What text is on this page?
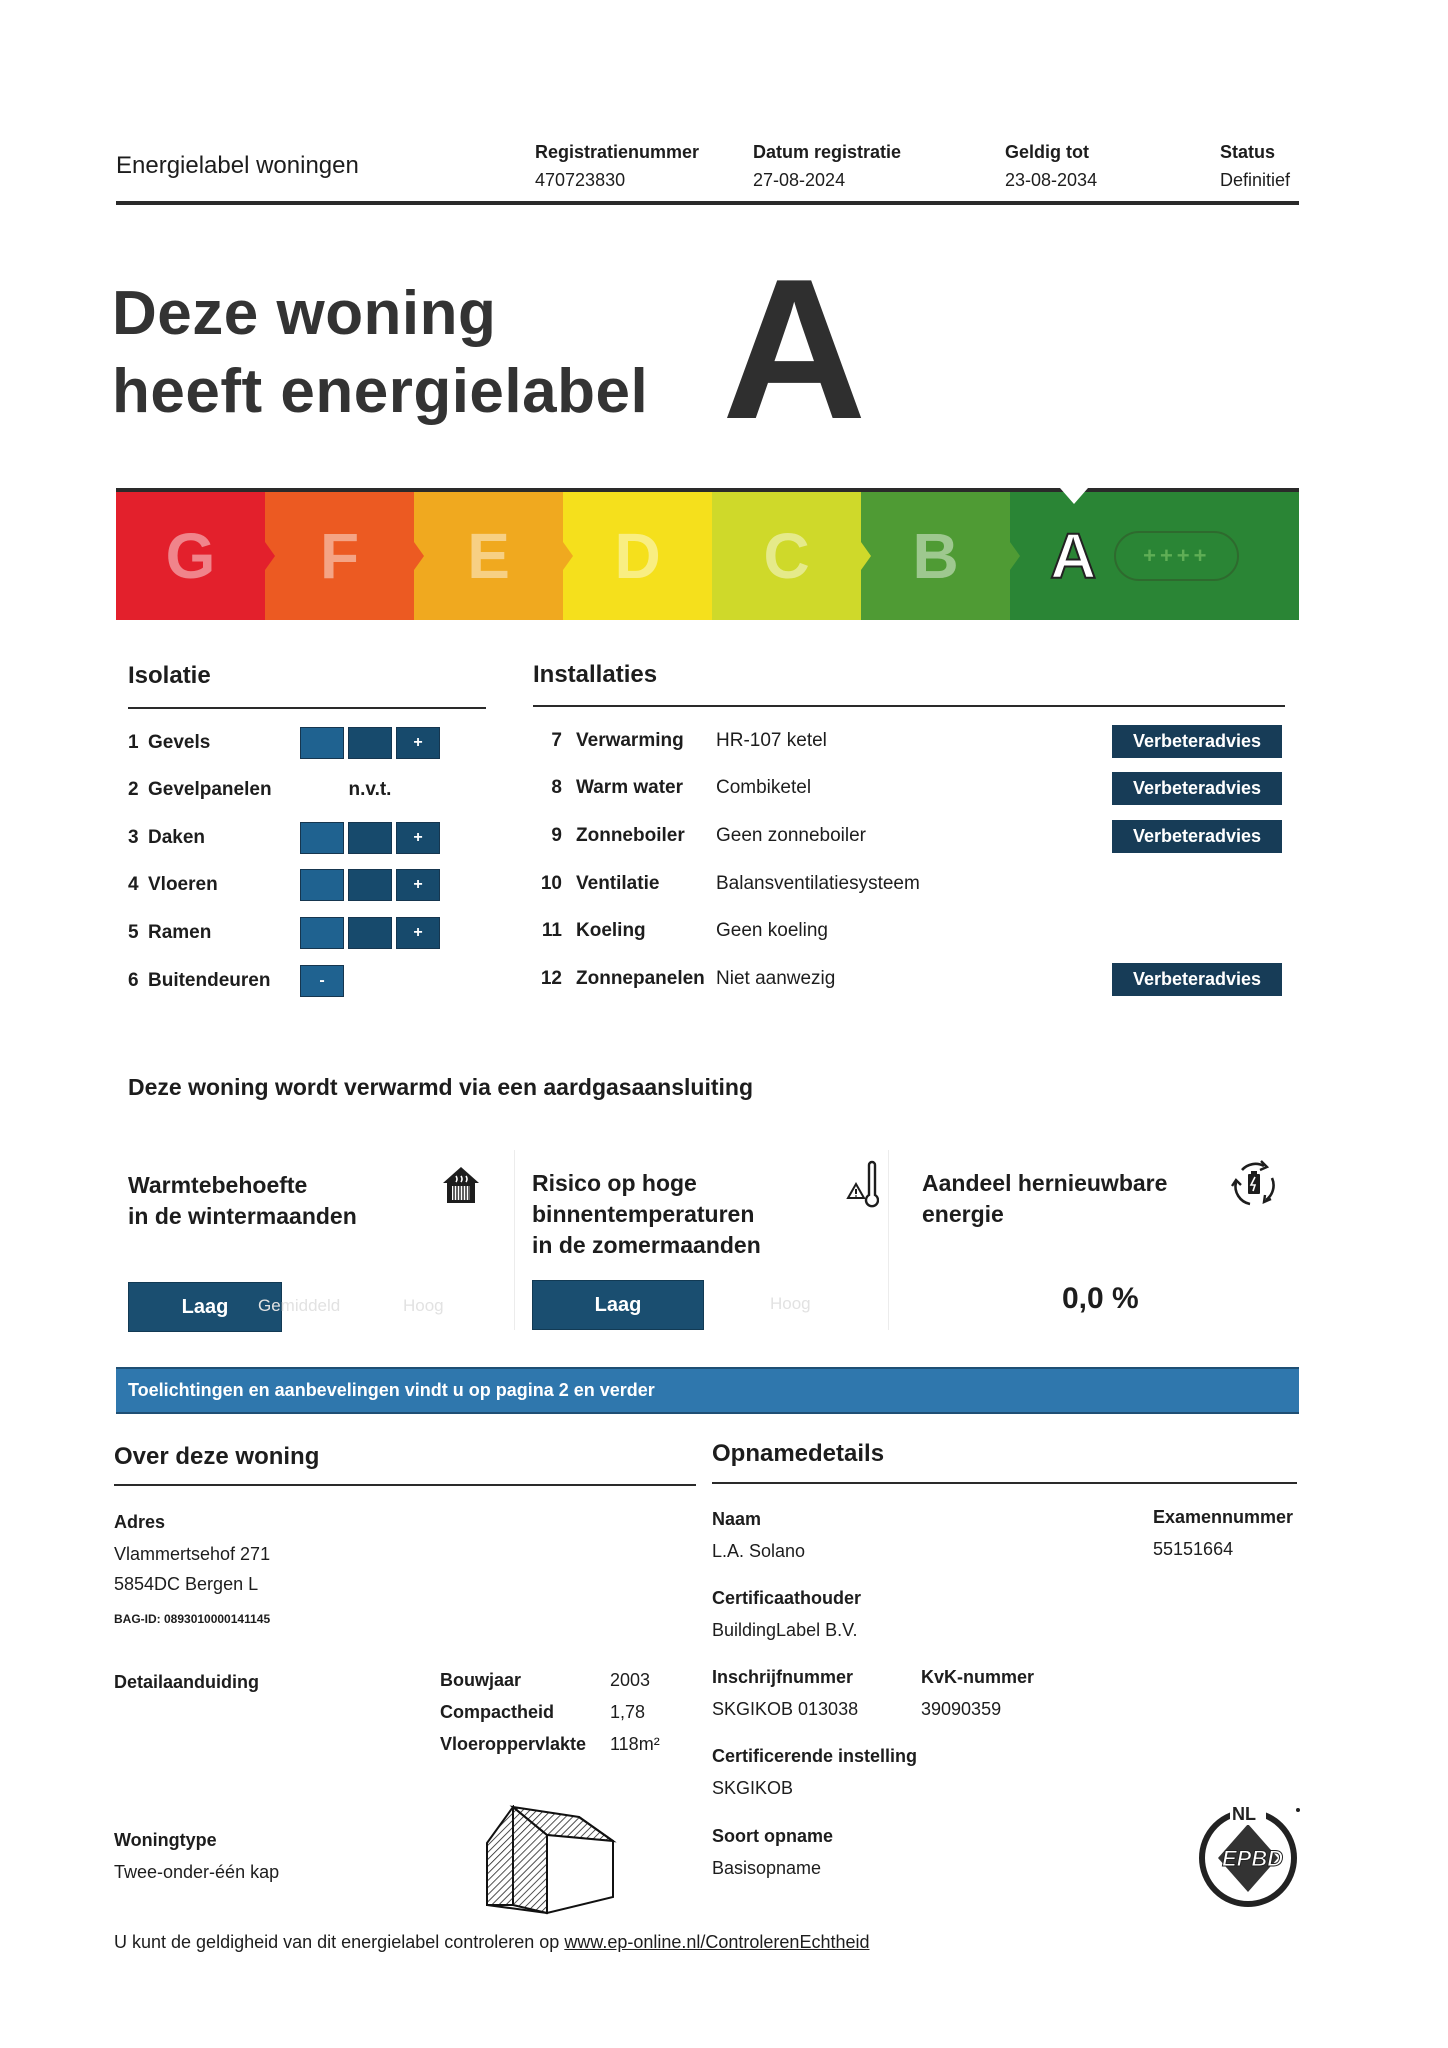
Energielabel woningen	Registratienummer
470723830
Datum registratie
27-08-2024
Geldig tot
23-08-2034
Status
Definitief
Deze woning
heeft energielabel A
G	F	E	D	C	B	A	++++
Isolatie
1 Gevels	+
2 Gevelpanelen	n.v.t.
3 Daken	+
4 Vloeren	+
5 Ramen	+
6 Buitendeuren	-
Installaties
7 Verwarming	HR-107 ketel	Verbeteradvies
8 Warm water	Combiketel	Verbeteradvies
9 Zonneboiler	Geen zonneboiler	Verbeteradvies
10 Ventilatie	Balansventilatiesysteem
11 Koeling	Geen koeling
12 Zonnepanelen Niet aanwezig	Verbeteradvies
Deze woning wordt verwarmd via een aardgasaansluiting
Warmtebehoefte
in de wintermaanden
Laag	Gemiddeld	Hoog
Risico op hoge
binnentemperaturen
in de zomermaanden
Laag	Hoog
Aandeel hernieuwbare
energie
0,0 %
Toelichtingen en aanbevelingen vindt u op pagina 2 en verder
Over deze woning
Adres
Vlammertsehof 271
5854DC Bergen L
BAG-ID: 0893010000141145
Detailaanduiding	Bouwjaar	2003
Compactheid	1,78
Vloeroppervlakte 118m²
Woningtype
Twee-onder-één kap
Opnamedetails
Naam
L.A. Solano
Examennummer
55151664
Certificaathouder
BuildingLabel B.V.
Inschrijfnummer
SKGIKOB 013038
KvK-nummer
39090359
Certificerende instelling
SKGIKOB
Soort opname
Basisopname
NL
EPBD
U kunt de geldigheid van dit energielabel controleren op www.ep-online.nl/ControlerenEchtheid
